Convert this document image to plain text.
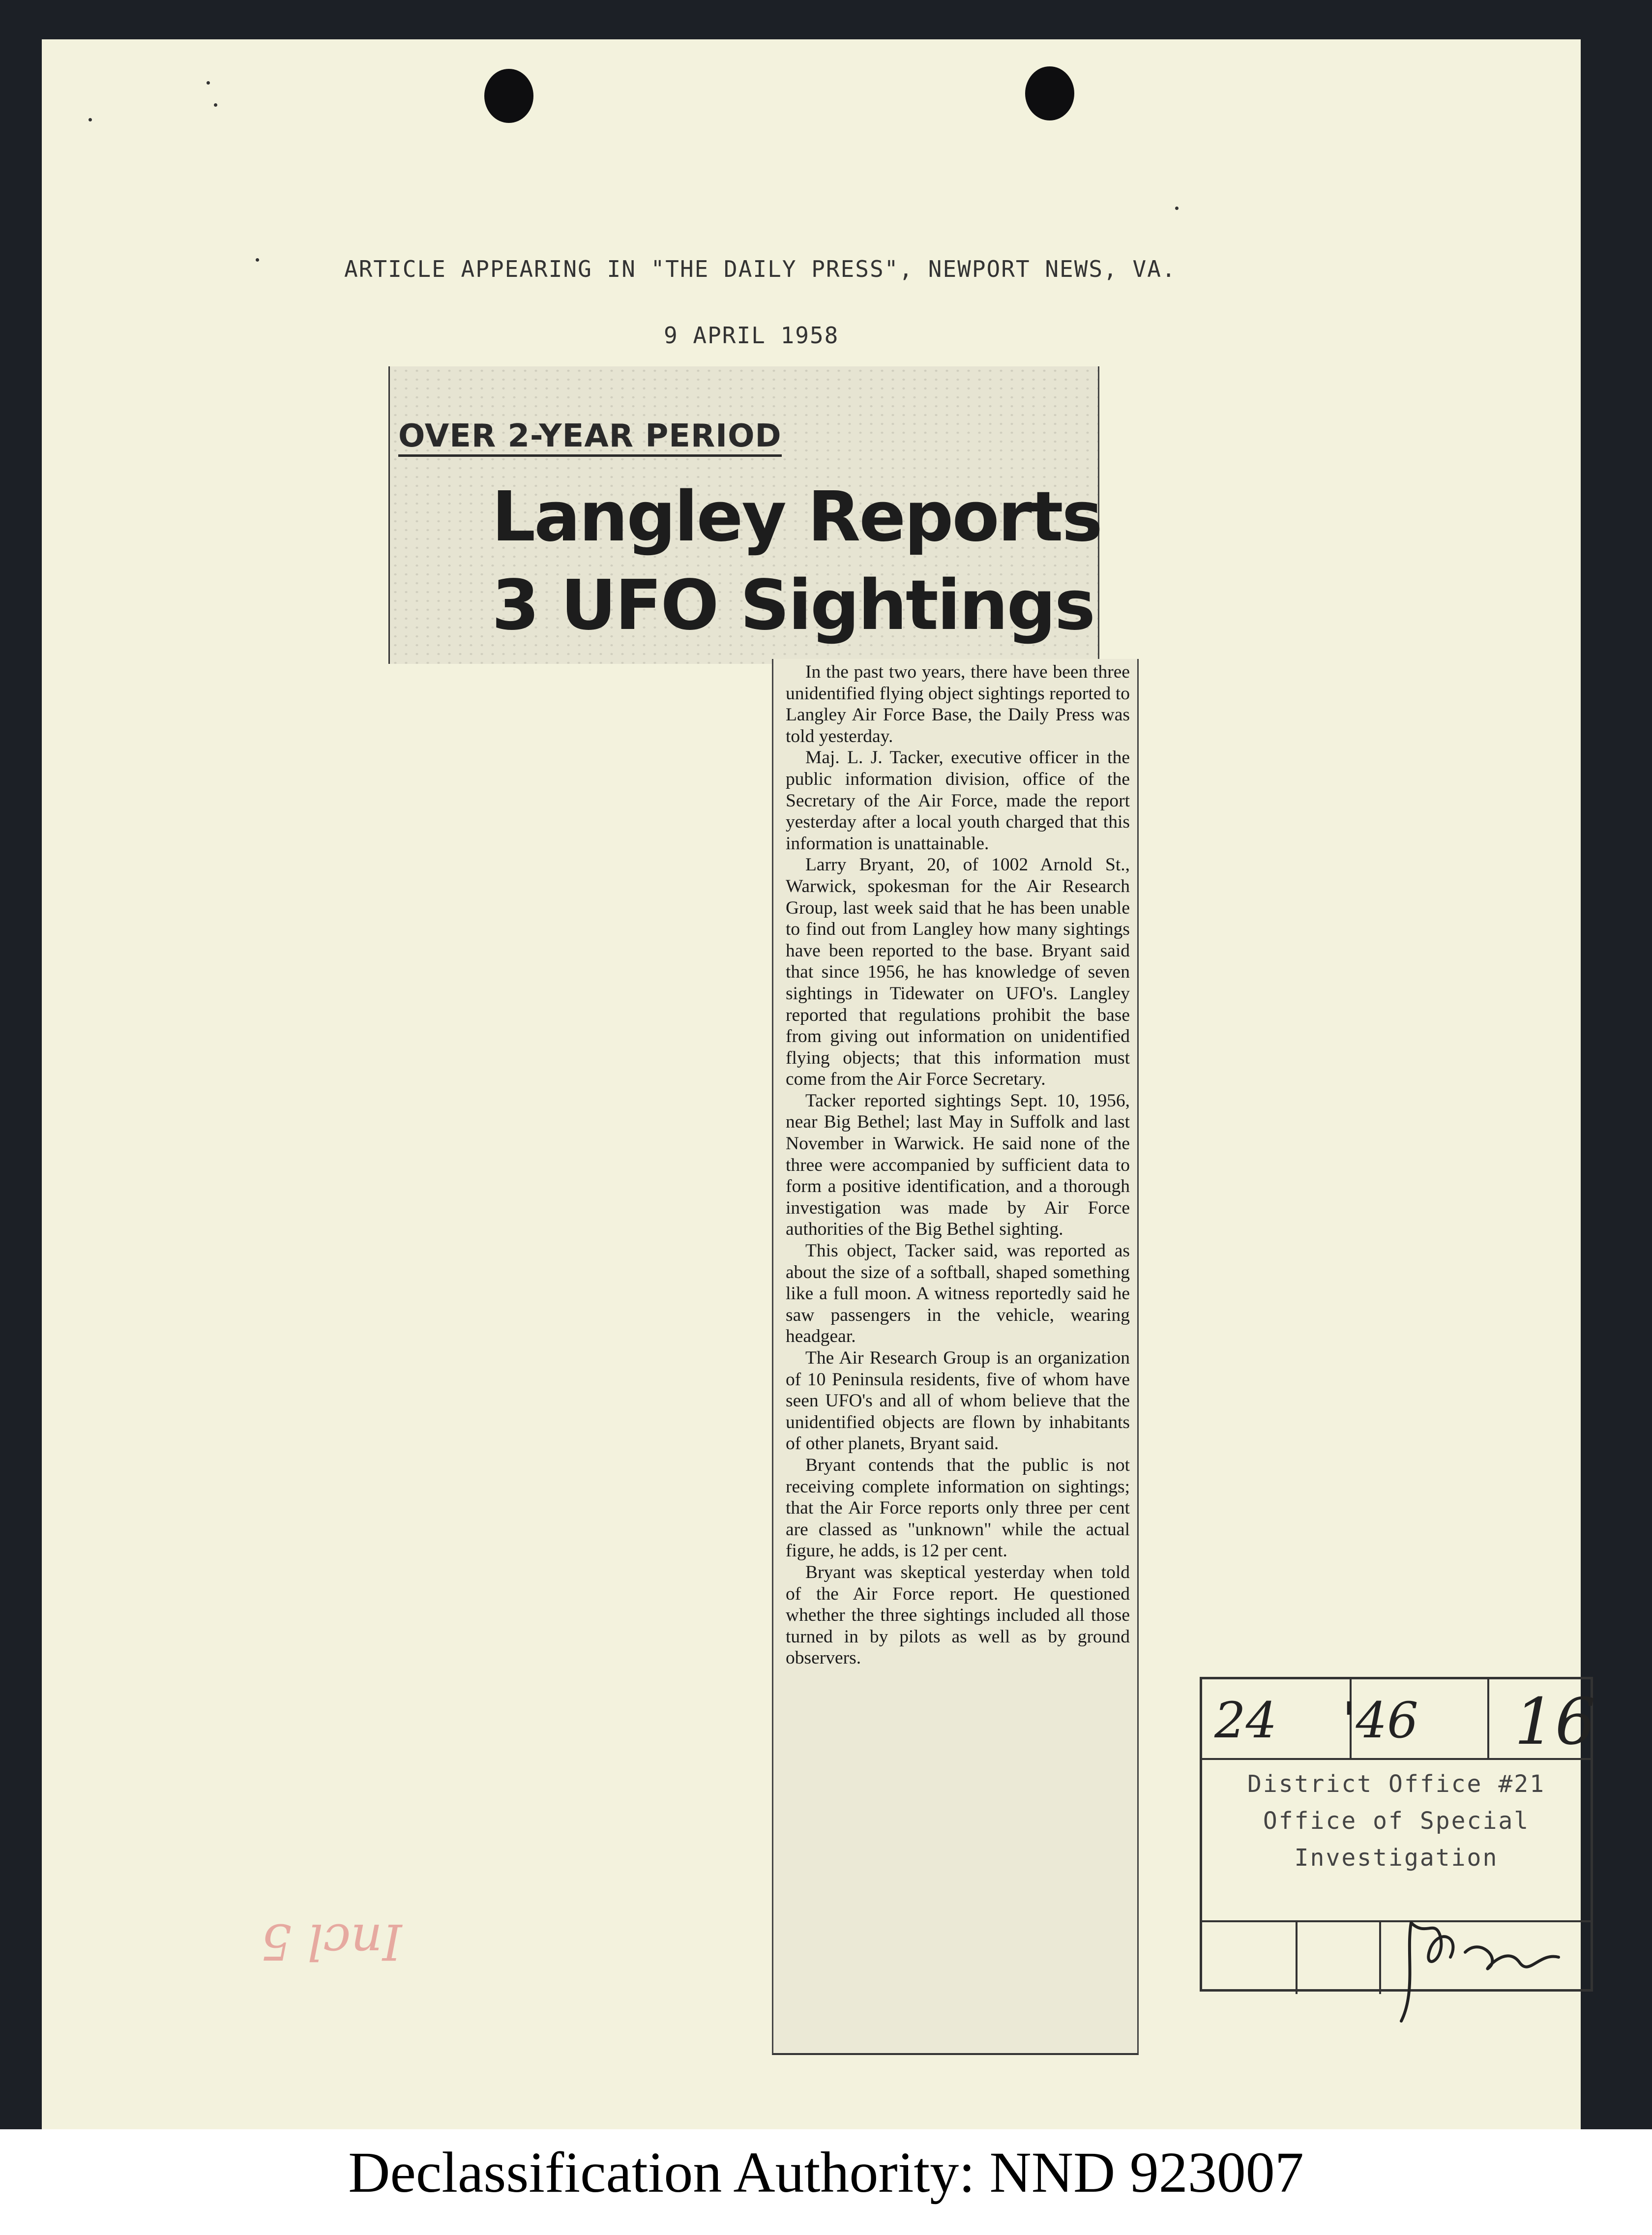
ARTICLE APPEARING IN "THE DAILY PRESS", NEWPORT NEWS, VA.
9 APRIL 1958
OVER 2-YEAR PERIOD
Langley Reports
3 UFO Sightings

In the past two years, there have been three unidentified flying object sightings reported to Langley Air Force Base, the Daily Press was told yesterday.

Maj. L. J. Tacker, executive officer in the public information division, office of the Secretary of the Air Force, made the report yesterday after a local youth charged that this information is unattainable.

Larry Bryant, 20, of 1002 Arnold St., Warwick, spokesman for the Air Research Group, last week said that he has been unable to find out from Langley how many sightings have been reported to the base. Bryant said that since 1956, he has knowledge of seven sightings in Tidewater on UFO's. Langley reported that regulations prohibit the base from giving out information on unidentified flying objects; that this information must come from the Air Force Secretary.

Tacker reported sightings Sept. 10, 1956, near Big Bethel; last May in Suffolk and last November in Warwick. He said none of the three were accompanied by sufficient data to form a positive identification, and a thorough investigation was made by Air Force authorities of the Big Bethel sighting.

This object, Tacker said, was reported as about the size of a softball, shaped something like a full moon. A witness reportedly said he saw passengers in the vehicle, wearing headgear.

The Air Research Group is an organization of 10 Peninsula residents, five of whom have seen UFO's and all of whom believe that the unidentified objects are flown by inhabitants of other planets, Bryant said.

Bryant contends that the public is not receiving complete information on sightings; that the Air Force reports only three per cent are classed as "unknown" while the actual figure, he adds, is 12 per cent.

Bryant was skeptical yesterday when told of the Air Force report. He questioned whether the three sightings included all those turned in by pilots as well as by ground observers.

24 '46 16
District Office #21
Office of Special
Investigation
Incl 5
Declassification Authority: NND 923007
